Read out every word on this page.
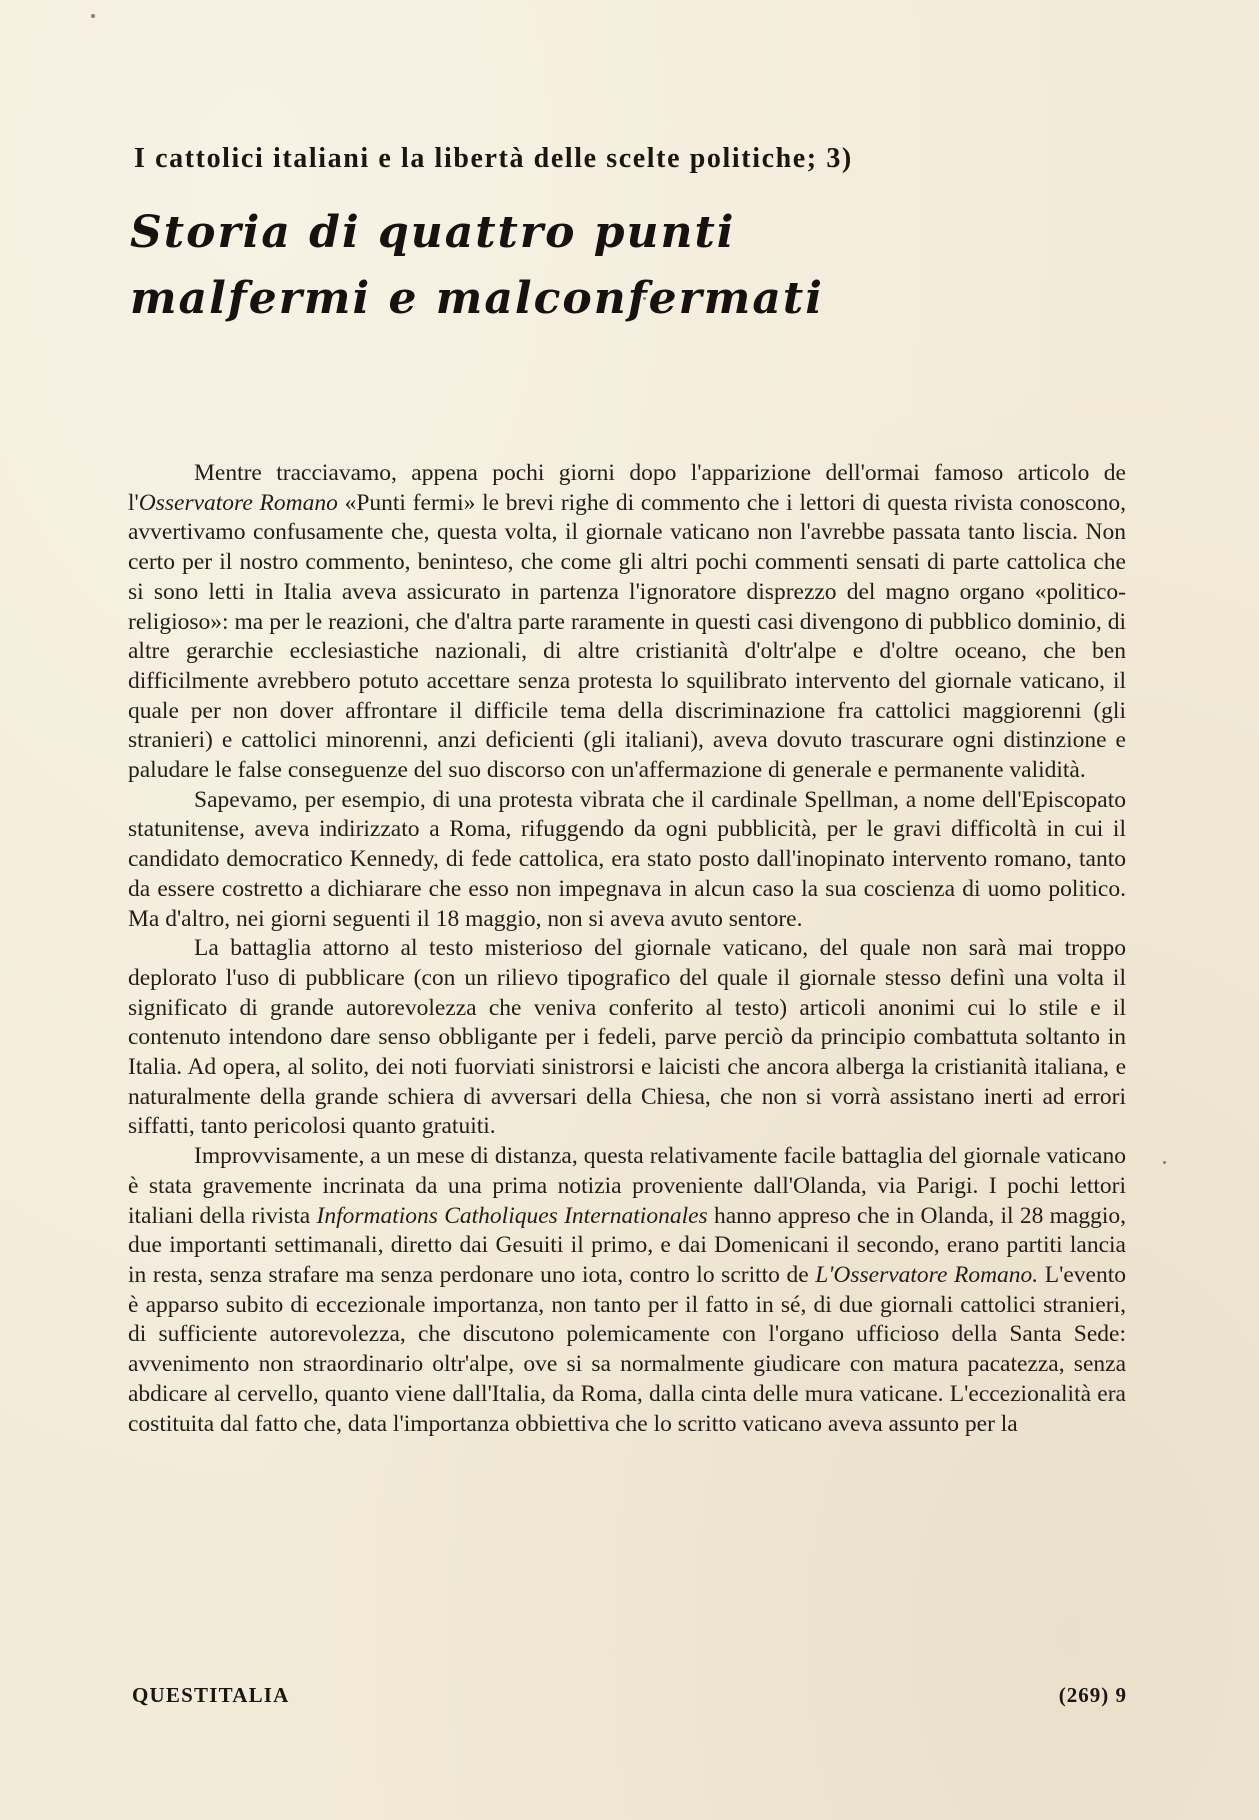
I cattolici italiani e la libertà delle scelte politiche; 3)
Storia di quattro punti
malfermi e malconfermati

Mentre tracciavamo, appena pochi giorni dopo l'apparizione dell'ormai famoso articolo de l'Osservatore Romano «Punti fermi» le brevi righe di commento che i lettori di questa rivista conoscono, avvertivamo confusamente che, questa volta, il giornale vaticano non l'avrebbe passata tanto liscia. Non certo per il nostro commento, beninteso, che come gli altri pochi commenti sensati di parte cattolica che si sono letti in Italia aveva assicurato in partenza l'ignoratore disprezzo del magno organo «politico-religioso»: ma per le reazioni, che d'altra parte raramente in questi casi divengono di pubblico dominio, di altre gerarchie ecclesiastiche nazionali, di altre cristianità d'oltr'alpe e d'oltre oceano, che ben difficilmente avrebbero potuto accettare senza protesta lo squilibrato intervento del giornale vaticano, il quale per non dover affrontare il difficile tema della discriminazione fra cattolici maggiorenni (gli stranieri) e cattolici minorenni, anzi deficienti (gli italiani), aveva dovuto trascurare ogni distinzione e paludare le false conseguenze del suo discorso con un'affermazione di generale e permanente validità.

Sapevamo, per esempio, di una protesta vibrata che il cardinale Spellman, a nome dell'Episcopato statunitense, aveva indirizzato a Roma, rifuggendo da ogni pubblicità, per le gravi difficoltà in cui il candidato democratico Kennedy, di fede cattolica, era stato posto dall'inopinato intervento romano, tanto da essere costretto a dichiarare che esso non impegnava in alcun caso la sua coscienza di uomo politico. Ma d'altro, nei giorni seguenti il 18 maggio, non si aveva avuto sentore.

La battaglia attorno al testo misterioso del giornale vaticano, del quale non sarà mai troppo deplorato l'uso di pubblicare (con un rilievo tipografico del quale il giornale stesso definì una volta il significato di grande autorevolezza che veniva conferito al testo) articoli anonimi cui lo stile e il contenuto intendono dare senso obbligante per i fedeli, parve perciò da principio combattuta soltanto in Italia. Ad opera, al solito, dei noti fuorviati sinistrorsi e laicisti che ancora alberga la cristianità italiana, e naturalmente della grande schiera di avversari della Chiesa, che non si vorrà assistano inerti ad errori siffatti, tanto pericolosi quanto gratuiti.

Improvvisamente, a un mese di distanza, questa relativamente facile battaglia del giornale vaticano è stata gravemente incrinata da una prima notizia proveniente dall'Olanda, via Parigi. I pochi lettori italiani della rivista Informations Catholiques Internationales hanno appreso che in Olanda, il 28 maggio, due importanti settimanali, diretto dai Gesuiti il primo, e dai Domenicani il secondo, erano partiti lancia in resta, senza strafare ma senza perdonare uno iota, contro lo scritto de L'Osservatore Romano. L'evento è apparso subito di eccezionale importanza, non tanto per il fatto in sé, di due giornali cattolici stranieri, di sufficiente autorevolezza, che discutono polemicamente con l'organo ufficioso della Santa Sede: avvenimento non straordinario oltr'alpe, ove si sa normalmente giudicare con matura pacatezza, senza abdicare al cervello, quanto viene dall'Italia, da Roma, dalla cinta delle mura vaticane. L'eccezionalità era costituita dal fatto che, data l'importanza obbiettiva che lo scritto vaticano aveva assunto per la

QUESTITALIA	(269) 9
